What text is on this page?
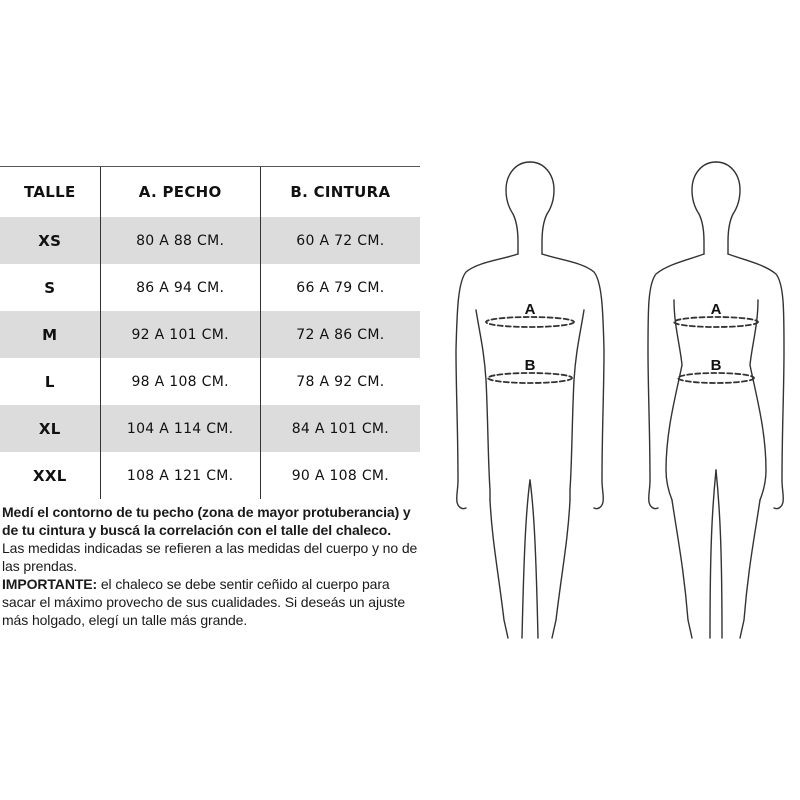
TALLE	A. PECHO	B. CINTURA
XS	80 A 88 CM.	60 A 72 CM.
S	86 A 94 CM.	66 A 79 CM.
M	92 A 101 CM.	72 A 86 CM.
L	98 A 108 CM.	78 A 92 CM.
XL	104 A 114 CM.	84 A 101 CM.
XXL	108 A 121 CM.	90 A 108 CM.

Medí el contorno de tu pecho (zona de mayor protuberancia) y de tu cintura y buscá la correlación con el talle del chaleco.

Las medidas indicadas se refieren a las medidas del cuerpo y no de las prendas.

IMPORTANTE: el chaleco se debe sentir ceñido al cuerpo para sacar el máximo provecho de sus cualidades. Si deseás un ajuste más holgado, elegí un talle más grande.

A
B
A
B
